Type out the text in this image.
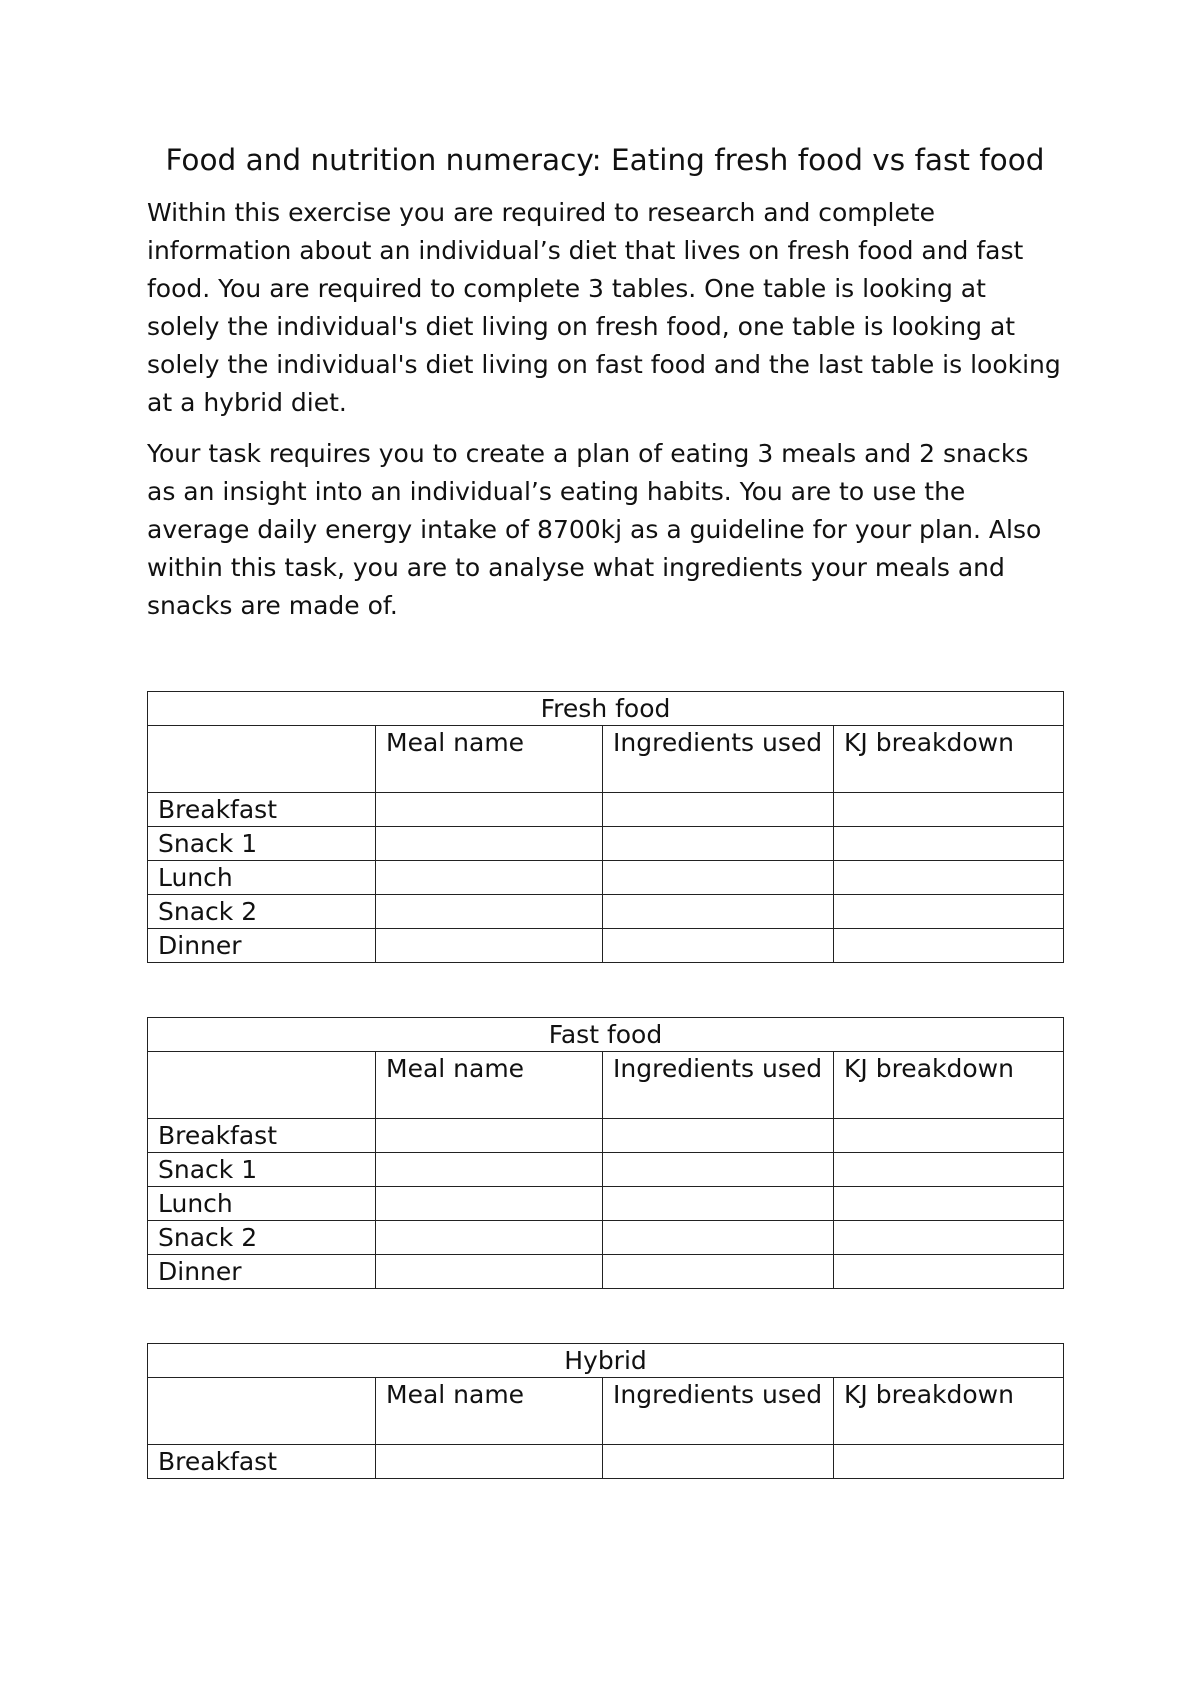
Food and nutrition numeracy: Eating fresh food vs fast food

Within this exercise you are required to research and complete information about an individual’s diet that lives on fresh food and fast food. You are required to complete 3 tables. One table is looking at solely the individual's diet living on fresh food, one table is looking at solely the individual's diet living on fast food and the last table is looking at a hybrid diet.

Your task requires you to create a plan of eating 3 meals and 2 snacks as an insight into an individual’s eating habits. You are to use the average daily energy intake of 8700kj as a guideline for your plan. Also within this task, you are to analyse what ingredients your meals and snacks are made of.

Fresh food			
	Meal name	Ingredients used	KJ breakdown
Breakfast			
Snack 1			
Lunch			
Snack 2			
Dinner			
Fast food			
	Meal name	Ingredients used	KJ breakdown
Breakfast			
Snack 1			
Lunch			
Snack 2			
Dinner			
Hybrid			
	Meal name	Ingredients used	KJ breakdown
Breakfast			
